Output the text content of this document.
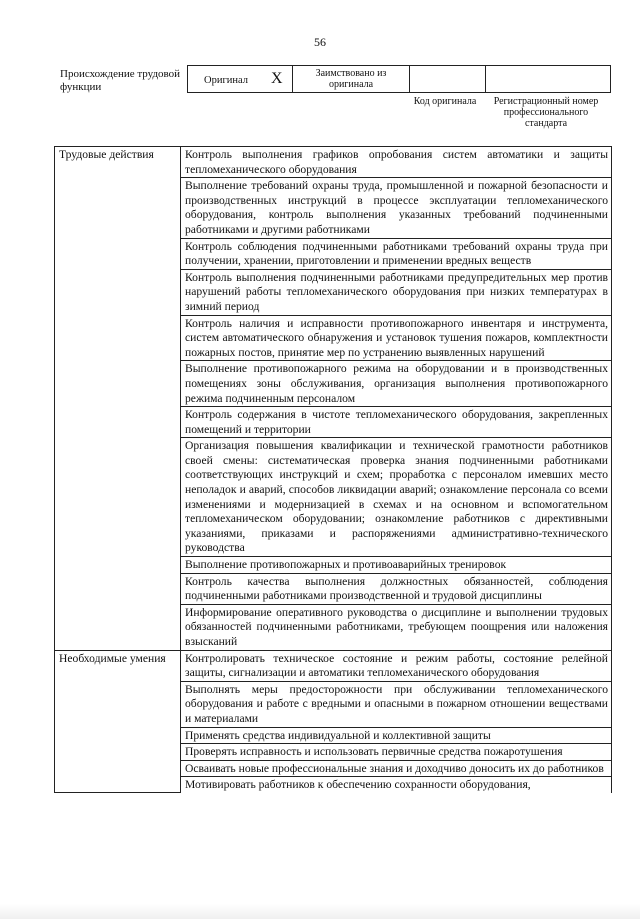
56
Происхождение трудовой функции
Оригинал X	Заимствовано из оригинала
Код оригинала	Регистрационный номер профессионального стандарта
Трудовые действия	Контроль выполнения графиков опробования систем автоматики и защиты тепломеханического оборудования
	Выполнение требований охраны труда, промышленной и пожарной безопасности и производственных инструкций в процессе эксплуатации тепломеханического оборудования, контроль выполнения указанных требований подчиненными работниками и другими работниками
	Контроль соблюдения подчиненными работниками требований охраны труда при получении, хранении, приготовлении и применении вредных веществ
	Контроль выполнения подчиненными работниками предупредительных мер против нарушений работы тепломеханического оборудования при низких температурах в зимний период
	Контроль наличия и исправности противопожарного инвентаря и инструмента, систем автоматического обнаружения и установок тушения пожаров, комплектности пожарных постов, принятие мер по устранению выявленных нарушений
	Выполнение противопожарного режима на оборудовании и в производственных помещениях зоны обслуживания, организация выполнения противопожарного режима подчиненным персоналом
	Контроль содержания в чистоте тепломеханического оборудования, закрепленных помещений и территории
	Организация повышения квалификации и технической грамотности работников своей смены: систематическая проверка знания подчиненными работниками соответствующих инструкций и схем; проработка с персоналом имевших место неполадок и аварий, способов ликвидации аварий; ознакомление персонала со всеми изменениями и модернизацией в схемах и на основном и вспомогательном тепломеханическом оборудовании; ознакомление работников с директивными указаниями, приказами и распоряжениями административно-технического руководства
	Выполнение противопожарных и противоаварийных тренировок
	Контроль качества выполнения должностных обязанностей, соблюдения подчиненными работниками производственной и трудовой дисциплины
	Информирование оперативного руководства о дисциплине и выполнении трудовых обязанностей подчиненными работниками, требующем поощрения или наложения взысканий
Необходимые умения	Контролировать техническое состояние и режим работы, состояние релейной защиты, сигнализации и автоматики тепломеханического оборудования
	Выполнять меры предосторожности при обслуживании тепломеханического оборудования и работе с вредными и опасными в пожарном отношении веществами и материалами
	Применять средства индивидуальной и коллективной защиты
	Проверять исправность и использовать первичные средства пожаротушения
	Осваивать новые профессиональные знания и доходчиво доносить их до работников
	Мотивировать работников к обеспечению сохранности оборудования,
